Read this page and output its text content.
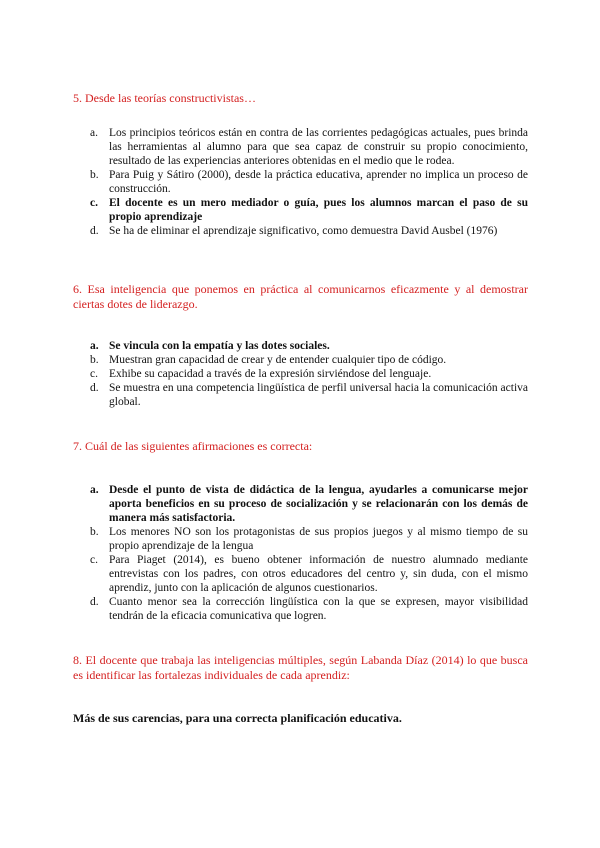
5. Desde las teorías constructivistas…
a. Los principios teóricos están en contra de las corrientes pedagógicas actuales, pues brinda las herramientas al alumno para que sea capaz de construir su propio conocimiento, resultado de las experiencias anteriores obtenidas en el medio que le rodea.
b. Para Puig y Sátiro (2000), desde la práctica educativa, aprender no implica un proceso de construcción.
c. El docente es un mero mediador o guía, pues los alumnos marcan el paso de su propio aprendizaje
d. Se ha de eliminar el aprendizaje significativo, como demuestra David Ausbel (1976)
6. Esa inteligencia que ponemos en práctica al comunicarnos eficazmente y al demostrar ciertas dotes de liderazgo.
a. Se vincula con la empatía y las dotes sociales.
b. Muestran gran capacidad de crear y de entender cualquier tipo de código.
c. Exhibe su capacidad a través de la expresión sirviéndose del lenguaje.
d. Se muestra en una competencia lingüística de perfil universal hacia la comunicación activa global.
7. Cuál de las siguientes afirmaciones es correcta:
a. Desde el punto de vista de didáctica de la lengua, ayudarles a comunicarse mejor aporta beneficios en su proceso de socialización y se relacionarán con los demás de manera más satisfactoria.
b. Los menores NO son los protagonistas de sus propios juegos y al mismo tiempo de su propio aprendizaje de la lengua
c. Para Piaget (2014), es bueno obtener información de nuestro alumnado mediante entrevistas con los padres, con otros educadores del centro y, sin duda, con el mismo aprendiz, junto con la aplicación de algunos cuestionarios.
d. Cuanto menor sea la corrección lingüística con la que se expresen, mayor visibilidad tendrán de la eficacia comunicativa que logren.
8. El docente que trabaja las inteligencias múltiples, según Labanda Díaz (2014) lo que busca es identificar las fortalezas individuales de cada aprendiz:
Más de sus carencias, para una correcta planificación educativa.
